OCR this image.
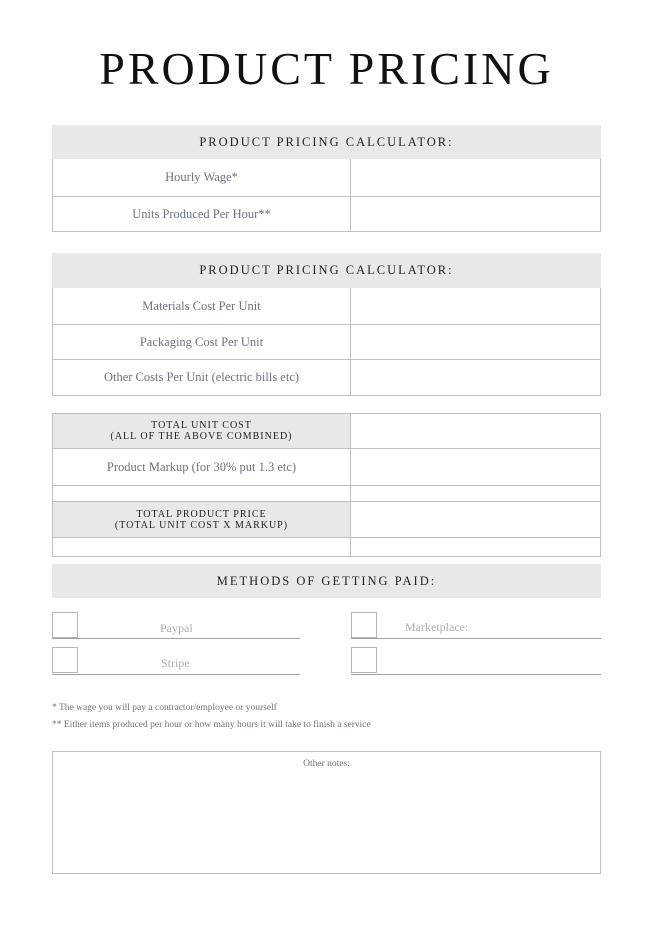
PRODUCT PRICING
PRODUCT PRICING CALCULATOR:
Hourly Wage*
Units Produced Per Hour**
PRODUCT PRICING CALCULATOR:
Materials Cost Per Unit
Packaging Cost Per Unit
Other Costs Per Unit (electric bills etc)
TOTAL UNIT COST
(ALL OF THE ABOVE COMBINED)
Product Markup (for 30% put 1.3 etc)
TOTAL PRODUCT PRICE
(TOTAL UNIT COST X MARKUP)
METHODS OF GETTING PAID:
Paypal	Marketplace:
Stripe
* The wage you will pay a contractor/employee or yourself
** Either items produced per hour or how many hours it will take to finish a service
Other notes:
